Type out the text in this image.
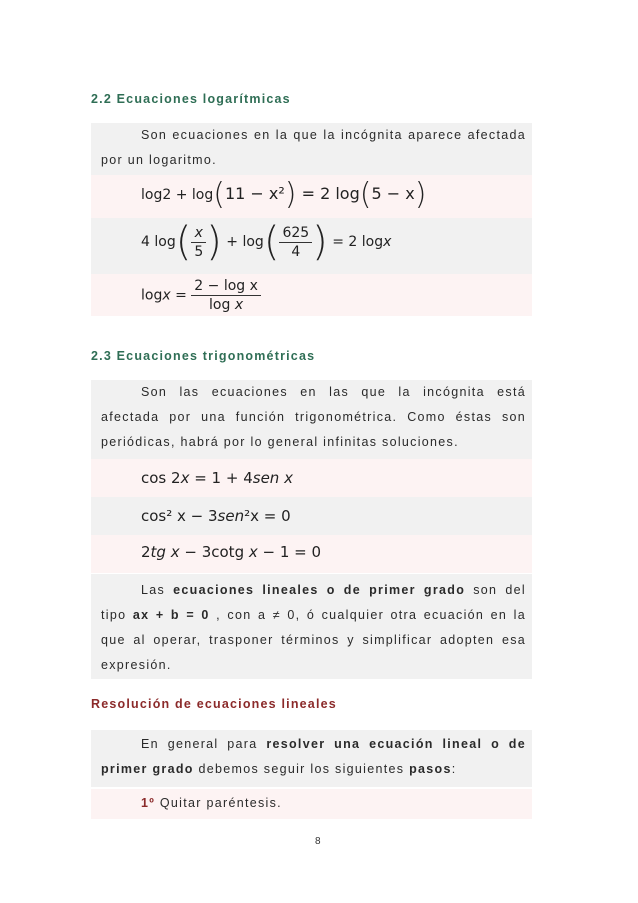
2.2 Ecuaciones logarítmicas

Son ecuaciones en la que la incógnita aparece afectada

por un logaritmo.

log2 + log(11 − x²) = 2 log(5 − x)
4 $\log( \frac{x}{5}$ ) + $\log( \frac{625}{4}$ ) = 2 logx
$\log x = \frac{\text{2 − log x}}{\text{log x}}$
2.3 Ecuaciones trigonométricas

Son las ecuaciones en las que la incógnita está

afectada por una función trigonométrica. Como éstas son

periódicas, habrá por lo general infinitas soluciones.

cos 2x = 1 + 4sen x
cos² x − 3sen²x = 0
2tg x − 3cotg x − 1 = 0

Las ecuaciones lineales o de primer grado son del

tipo ax + b = 0 , con a ≠ 0, ó cualquier otra ecuación en la

que al operar, trasponer términos y simplificar adopten esa

expresión.

Resolución de ecuaciones lineales

En general para resolver una ecuación lineal o de

primer grado debemos seguir los siguientes pasos:

1º Quitar paréntesis.

8
